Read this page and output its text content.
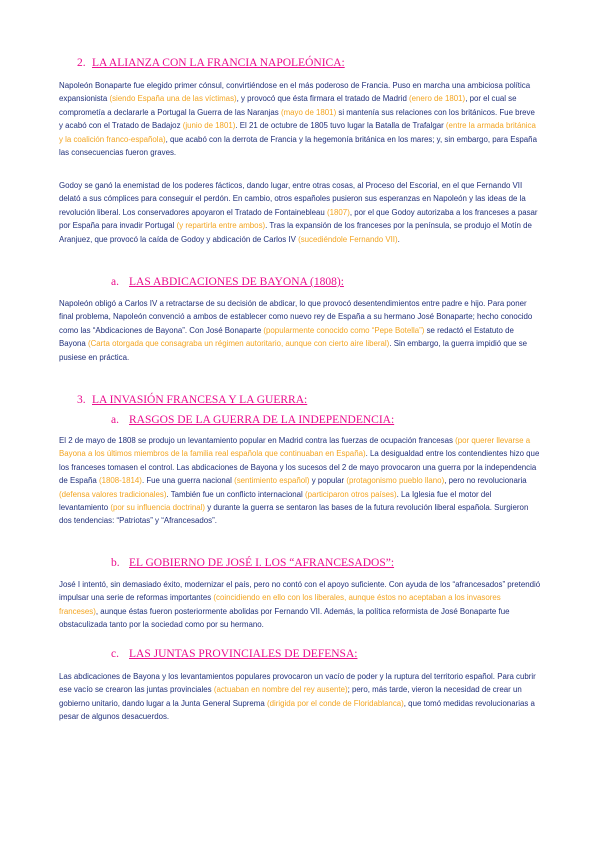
2. LA ALIANZA CON LA FRANCIA NAPOLEÓNICA:

Napoleón Bonaparte fue elegido primer cónsul, convirtiéndose en el más poderoso de Francia. Puso en marcha una ambiciosa política expansionista (siendo España una de las víctimas), y provocó que ésta firmara el tratado de Madrid (enero de 1801), por el cual se comprometía a declararle a Portugal la Guerra de las Naranjas (mayo de 1801) si mantenía sus relaciones con los británicos. Fue breve y acabó con el Tratado de Badajoz (junio de 1801). El 21 de octubre de 1805 tuvo lugar la Batalla de Trafalgar (entre la armada británica y la coalición franco-española), que acabó con la derrota de Francia y la hegemonía británica en los mares; y, sin embargo, para España las consecuencias fueron graves.

Godoy se ganó la enemistad de los poderes fácticos, dando lugar, entre otras cosas, al Proceso del Escorial, en el que Fernando VII delató a sus cómplices para conseguir el perdón. En cambio, otros españoles pusieron sus esperanzas en Napoleón y las ideas de la revolución liberal. Los conservadores apoyaron el Tratado de Fontainebleau (1807), por el que Godoy autorizaba a los franceses a pasar por España para invadir Portugal (y repartirla entre ambos). Tras la expansión de los franceses por la península, se produjo el Motín de Aranjuez, que provocó la caída de Godoy y abdicación de Carlos IV (sucediéndole Fernando VII).

a. LAS ABDICACIONES DE BAYONA (1808):

Napoleón obligó a Carlos IV a retractarse de su decisión de abdicar, lo que provocó desentendimientos entre padre e hijo. Para poner final problema, Napoleón convenció a ambos de establecer como nuevo rey de España a su hermano José Bonaparte; hecho conocido como las “Abdicaciones de Bayona”. Con José Bonaparte (popularmente conocido como “Pepe Botella”) se redactó el Estatuto de Bayona (Carta otorgada que consagraba un régimen autoritario, aunque con cierto aire liberal). Sin embargo, la guerra impidió que se pusiese en práctica.

3. LA INVASIÓN FRANCESA Y LA GUERRA:
a. RASGOS DE LA GUERRA DE LA INDEPENDENCIA:

El 2 de mayo de 1808 se produjo un levantamiento popular en Madrid contra las fuerzas de ocupación francesas (por querer llevarse a Bayona a los últimos miembros de la familia real española que continuaban en España). La desigualdad entre los contendientes hizo que los franceses tomasen el control. Las abdicaciones de Bayona y los sucesos del 2 de mayo provocaron una guerra por la independencia de España (1808-1814). Fue una guerra nacional (sentimiento español) y popular (protagonismo pueblo llano), pero no revolucionaria (defensa valores tradicionales). También fue un conflicto internacional (participaron otros países). La Iglesia fue el motor del levantamiento (por su influencia doctrinal) y durante la guerra se sentaron las bases de la futura revolución liberal española. Surgieron dos tendencias: “Patriotas” y “Afrancesados”.

b. EL GOBIERNO DE JOSÉ I. LOS “AFRANCESADOS”:

José I intentó, sin demasiado éxito, modernizar el país, pero no contó con el apoyo suficiente. Con ayuda de los “afrancesados” pretendió impulsar una serie de reformas importantes (coincidiendo en ello con los liberales, aunque éstos no aceptaban a los invasores franceses), aunque éstas fueron posteriormente abolidas por Fernando VII. Además, la política reformista de José Bonaparte fue obstaculizada tanto por la sociedad como por su hermano.

c. LAS JUNTAS PROVINCIALES DE DEFENSA:

Las abdicaciones de Bayona y los levantamientos populares provocaron un vacío de poder y la ruptura del territorio español. Para cubrir ese vacío se crearon las juntas provinciales (actuaban en nombre del rey ausente); pero, más tarde, vieron la necesidad de crear un gobierno unitario, dando lugar a la Junta General Suprema (dirigida por el conde de Floridablanca), que tomó medidas revolucionarias a pesar de algunos desacuerdos.
